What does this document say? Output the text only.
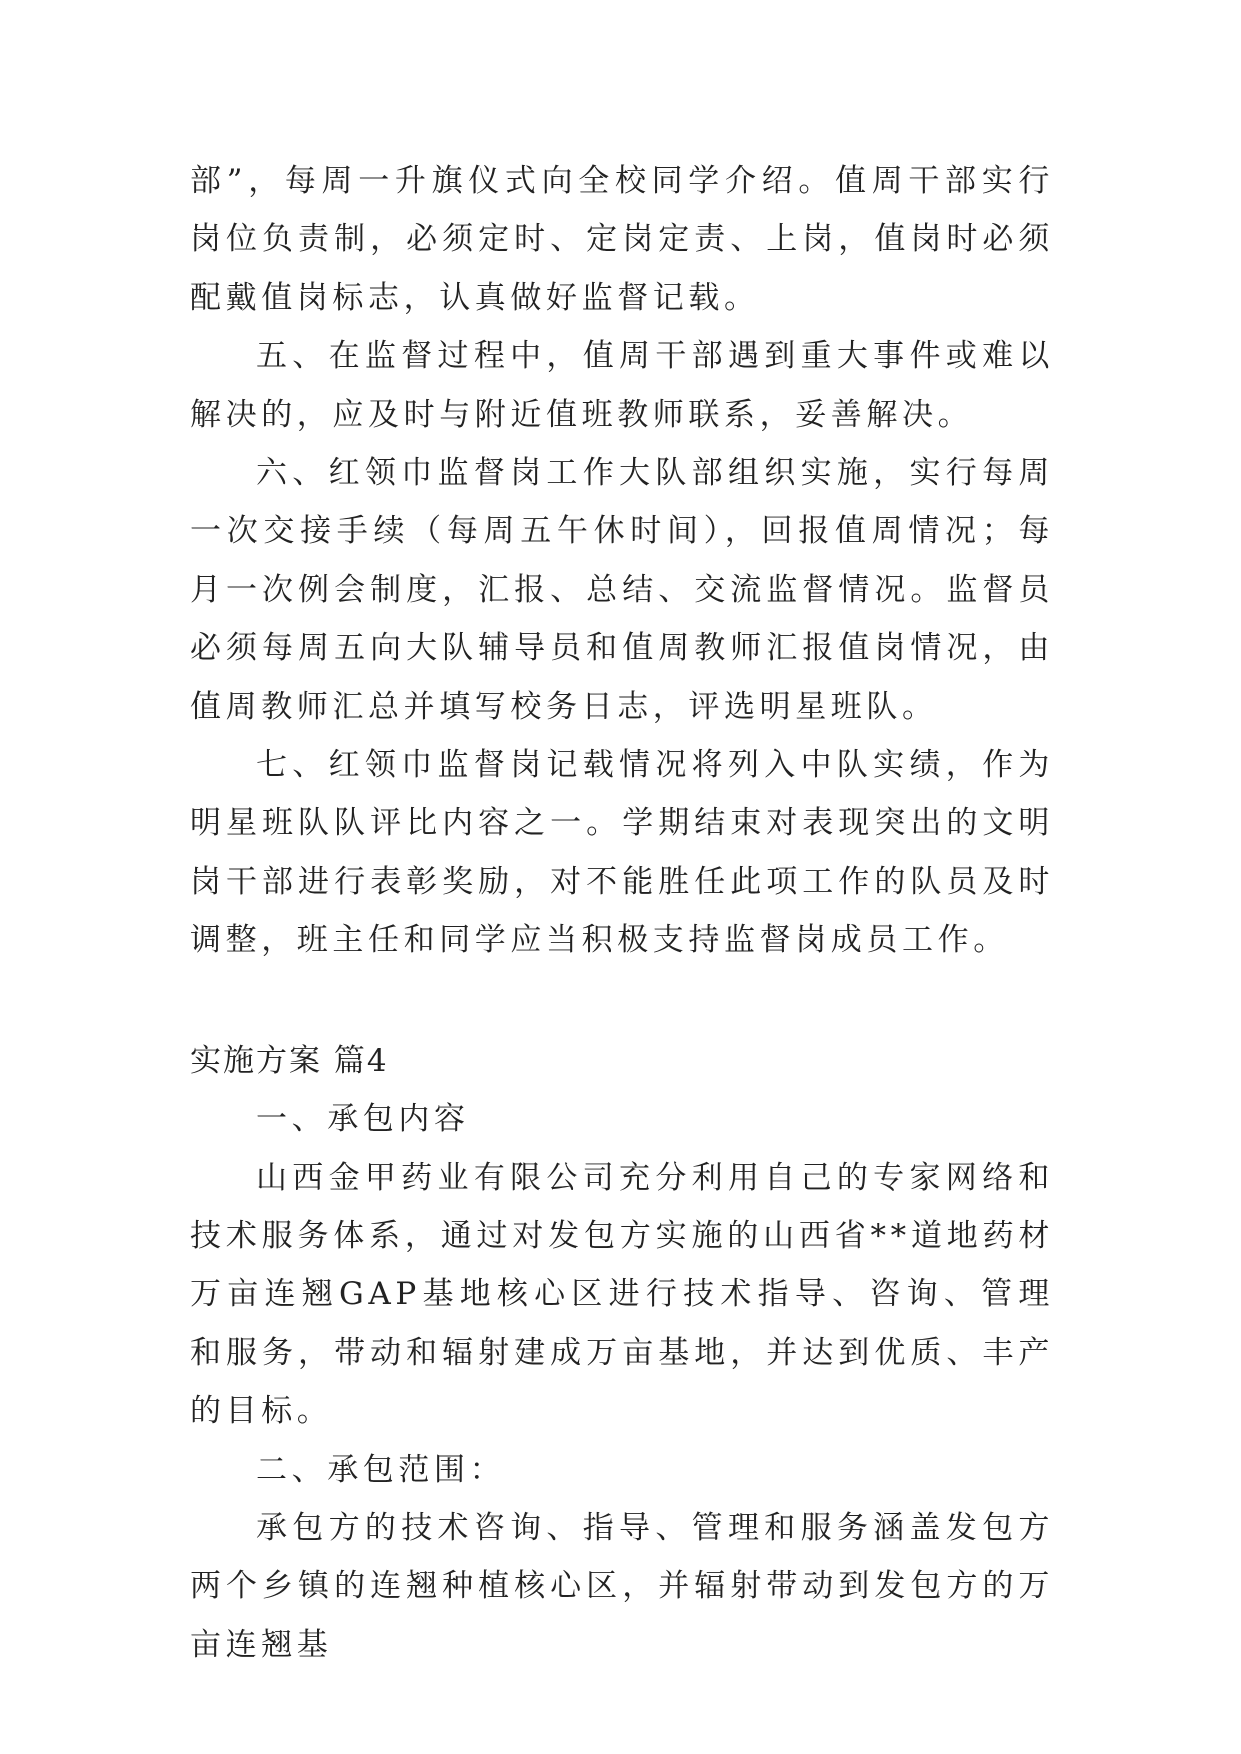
部”，每周一升旗仪式向全校同学介绍。值周干部实行岗位负责制，必须定时、定岗定责、上岗，值岗时必须配戴值岗标志，认真做好监督记载。

五、在监督过程中，值周干部遇到重大事件或难以解决的，应及时与附近值班教师联系，妥善解决。

六、红领巾监督岗工作大队部组织实施，实行每周一次交接手续（每周五午休时间），回报值周情况；每月一次例会制度，汇报、总结、交流监督情况。监督员必须每周五向大队辅导员和值周教师汇报值岗情况，由值周教师汇总并填写校务日志，评选明星班队。

七、红领巾监督岗记载情况将列入中队实绩，作为明星班队队评比内容之一。学期结束对表现突出的文明岗干部进行表彰奖励，对不能胜任此项工作的队员及时调整，班主任和同学应当积极支持监督岗成员工作。

实施方案 篇4

一、承包内容

山西金甲药业有限公司充分利用自己的专家网络和技术服务体系，通过对发包方实施的山西省**道地药材万亩连翘GAP基地核心区进行技术指导、咨询、管理和服务，带动和辐射建成万亩基地，并达到优质、丰产的目标。

二、承包范围：

承包方的技术咨询、指导、管理和服务涵盖发包方两个乡镇的连翘种植核心区，并辐射带动到发包方的万亩连翘基
